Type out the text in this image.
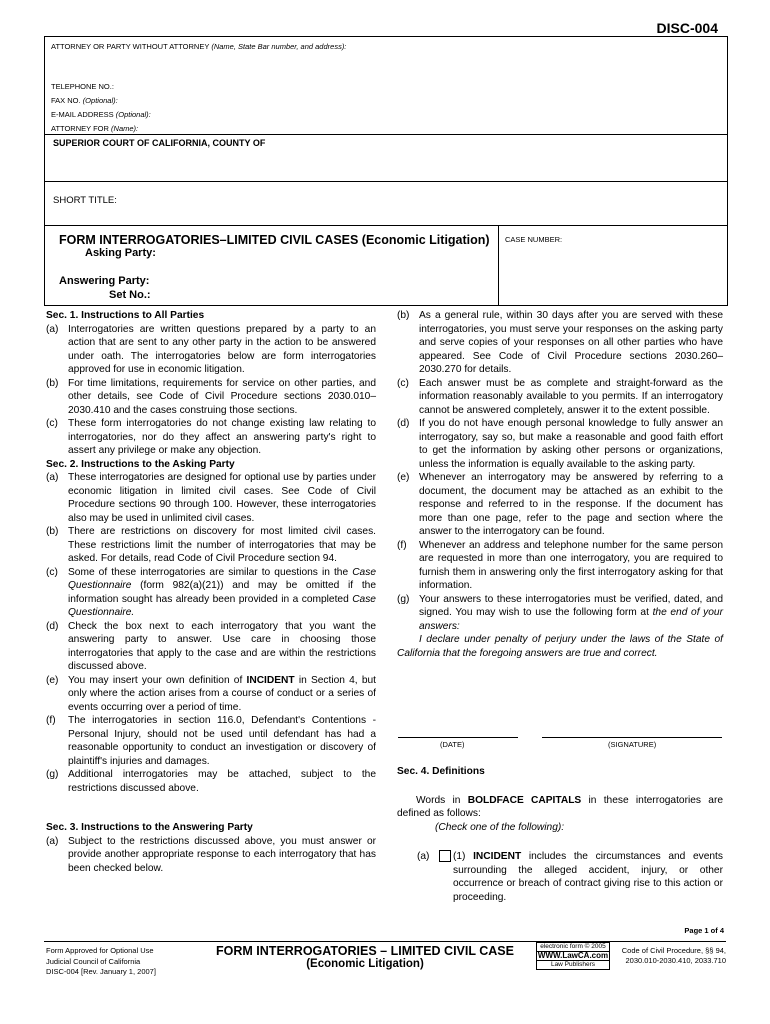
DISC-004
ATTORNEY OR PARTY WITHOUT ATTORNEY (Name, State Bar number, and address):
TELEPHONE NO.:
FAX NO. (Optional):
E-MAIL ADDRESS (Optional):
ATTORNEY FOR (Name):
SUPERIOR COURT OF CALIFORNIA, COUNTY OF
SHORT TITLE:
FORM INTERROGATORIES–LIMITED CIVIL CASES (Economic Litigation) CASE NUMBER:
Asking Party:
Answering Party:
Set No.:

Sec. 1. Instructions to All Parties

(a) Interrogatories are written questions prepared by a party to an action that are sent to any other party in the action to be answered under oath. The interrogatories below are form interrogatories approved for use in economic litigation.
(b) For time limitations, requirements for service on other parties, and other details, see Code of Civil Procedure sections 2030.010–2030.410 and the cases construing those sections.
(c) These form interrogatories do not change existing law relating to interrogatories, nor do they affect an answering party's right to assert any privilege or make any objection.

Sec. 2. Instructions to the Asking Party

(a) These interrogatories are designed for optional use by parties under economic litigation in limited civil cases. See Code of Civil Procedure sections 90 through 100. However, these interrogatories also may be used in unlimited civil cases.
(b) There are restrictions on discovery for most limited civil cases. These restrictions limit the number of interrogatories that may be asked. For details, read Code of Civil Procedure section 94.
(c) Some of these interrogatories are similar to questions in the Case Questionnaire (form 982(a)(21)) and may be omitted if the information sought has already been provided in a completed Case Questionnaire.
(d) Check the box next to each interrogatory that you want the answering party to answer. Use care in choosing those interrogatories that apply to the case and are within the restrictions discussed above.
(e) You may insert your own definition of INCIDENT in Section 4, but only where the action arises from a course of conduct or a series of events occurring over a period of time.
(f)	The interrogatories in section 116.0, Defendant's Contentions - Personal Injury, should not be used until defendant has had a reasonable opportunity to conduct an investigation or discovery of plaintiff's injuries and damages.
(g) Additional interrogatories may be attached, subject to the restrictions discussed above.

Sec. 3. Instructions to the Answering Party

(a) Subject to the restrictions discussed above, you must answer or provide another appropriate response to each interrogatory that has been checked below.
(b) As a general rule, within 30 days after you are served with these interrogatories, you must serve your responses on the asking party and serve copies of your responses on all other parties who have appeared. See Code of Civil Procedure sections 2030.260–2030.270 for details.
(c) Each answer must be as complete and straight-forward as the information reasonably available to you permits. If an interrogatory cannot be answered completely, answer it to the extent possible.
(d) If you do not have enough personal knowledge to fully answer an interrogatory, say so, but make a reasonable and good faith effort to get the information by asking other persons or organizations, unless the information is equally available to the asking party.
(e) Whenever an interrogatory may be answered by referring to a document, the document may be attached as an exhibit to the response and referred to in the response. If the document has more than one page, refer to the page and section where the answer to the interrogatory can be found.
(f)	Whenever an address and telephone number for the same person are requested in more than one interrogatory, you are required to furnish them in answering only the first interrogatory asking for that information.
(g) Your answers to these interrogatories must be verified, dated, and signed. You may wish to use the following form at the end of your answers:

I declare under penalty of perjury under the laws of the State of California that the foregoing answers are true and correct.

(DATE)	(SIGNATURE)

Sec. 4. Definitions

Words in BOLDFACE CAPITALS in these interrogatories are defined as follows:

(Check one of the following):

(a)	(1) INCIDENT includes the circumstances and events surrounding the alleged accident, injury, or other occurrence or breach of contract giving rise to this action or proceeding.
Page 1 of 4
Form Approved for Optional Use
Judicial Council of California
DISC-004 [Rev. January 1, 2007]
FORM INTERROGATORIES – LIMITED CIVIL CASE
(Economic Litigation)
electronic form © 2005
WWW.LawCA.com
Law Publishers
Code of Civil Procedure, §§ 94,
2030.010-2030.410, 2033.710
